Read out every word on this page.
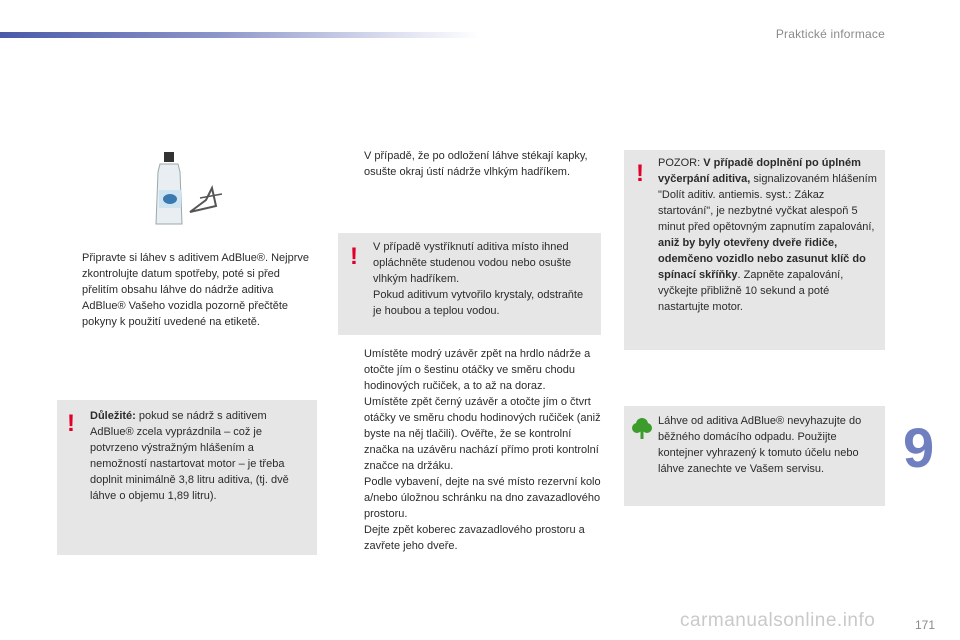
Praktické informace
Připravte si láhev s aditivem AdBlue®. Nejprve zkontrolujte datum spotřeby, poté si před přelitím obsahu láhve do nádrže aditiva AdBlue® Vašeho vozidla pozorně přečtěte pokyny k použití uvedené na etiketě.
! Důležité: pokud se nádrž s aditivem AdBlue® zcela vyprázdnila – což je potvrzeno výstražným hlášením a nemožností nastartovat motor – je třeba doplnit minimálně 3,8 litru aditiva, (tj. dvě láhve o objemu 1,89 litru).

V případě, že po odložení láhve stékají kapky, osušte okraj ústí nádrže vlhkým hadříkem.
! V případě vystříknutí aditiva místo ihned opláchněte studenou vodou nebo osušte vlhkým hadříkem.

Pokud aditivum vytvořilo krystaly, odstraňte je houbou a teplou vodou.

Umístěte modrý uzávěr zpět na hrdlo nádrže a otočte jím o šestinu otáčky ve směru chodu hodinových ručiček, a to až na doraz.
Umístěte zpět černý uzávěr a otočte jím o čtvrt otáčky ve směru chodu hodinových ručiček (aniž byste na něj tlačili). Ověřte, že se kontrolní značka na uzávěru nachází přímo proti kontrolní značce na držáku.
Podle vybavení, dejte na své místo rezervní kolo a/nebo úložnou schránku na dno zavazadlového prostoru.
Dejte zpět koberec zavazadlového prostoru a zavřete jeho dveře.
! POZOR: V případě doplnění po úplném vyčerpání aditiva, signalizovaném hlášením "Dolít aditiv. antiemis. syst.: Zákaz startování", je nezbytné vyčkat alespoň 5 minut před opětovným zapnutím zapalování, aniž by byly otevřeny dveře řidiče, odemčeno vozidlo nebo zasunut klíč do spínací skříňky. Zapněte zapalování, vyčkejte přibližně 10 sekund a poté nastartujte motor.

Láhve od aditiva AdBlue® nevyhazujte do běžného domácího odpadu. Použijte kontejner vyhrazený k tomuto účelu nebo láhve zanechte ve Vašem servisu.	9
carmanualsonline.info	171
